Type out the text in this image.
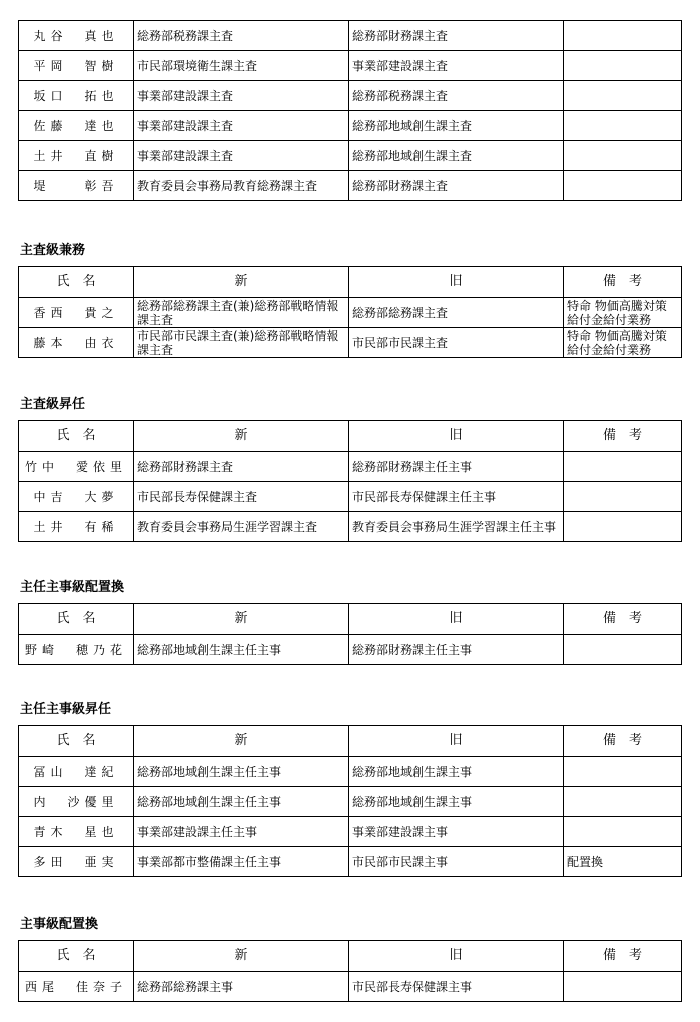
丸谷　真也	総務部税務課主査	総務部財務課主査	
平岡　智樹	市民部環境衛生課主査	事業部建設課主査	
坂口　拓也	事業部建設課主査	総務部税務課主査	
佐藤　達也	事業部建設課主査	総務部地域創生課主査	
土井　直樹	事業部建設課主査	総務部地域創生課主査	
堤　　彰吾	教育委員会事務局教育総務課主査	総務部財務課主査	
主査級兼務
氏　名	新	旧	備　考
香西　貴之	総務部総務課主査(兼)総務部戦略情報課主査	総務部総務課主査	特命 物価高騰対策給付金給付業務
藤本　由衣	市民部市民課主査(兼)総務部戦略情報課主査	市民部市民課主査	特命 物価高騰対策給付金給付業務
主査級昇任
氏　名	新	旧	備　考
竹中　愛依里	総務部財務課主査	総務部財務課主任主事	
中吉　大夢	市民部長寿保健課主査	市民部長寿保健課主任主事	
土井　有稀	教育委員会事務局生涯学習課主査	教育委員会事務局生涯学習課主任主事	
主任主事級配置換
氏　名	新	旧	備　考
野崎　穂乃花	総務部地域創生課主任主事	総務部財務課主任主事	
主任主事級昇任
氏　名	新	旧	備　考
冨山　達紀	総務部地域創生課主任主事	総務部地域創生課主事	
内　沙優里	総務部地域創生課主任主事	総務部地域創生課主事	
青木　星也	事業部建設課主任主事	事業部建設課主事	
多田　亜実	事業部都市整備課主任主事	市民部市民課主事	配置換
主事級配置換
氏　名	新	旧	備　考
西尾　佳奈子	総務部総務課主事	市民部長寿保健課主事	
